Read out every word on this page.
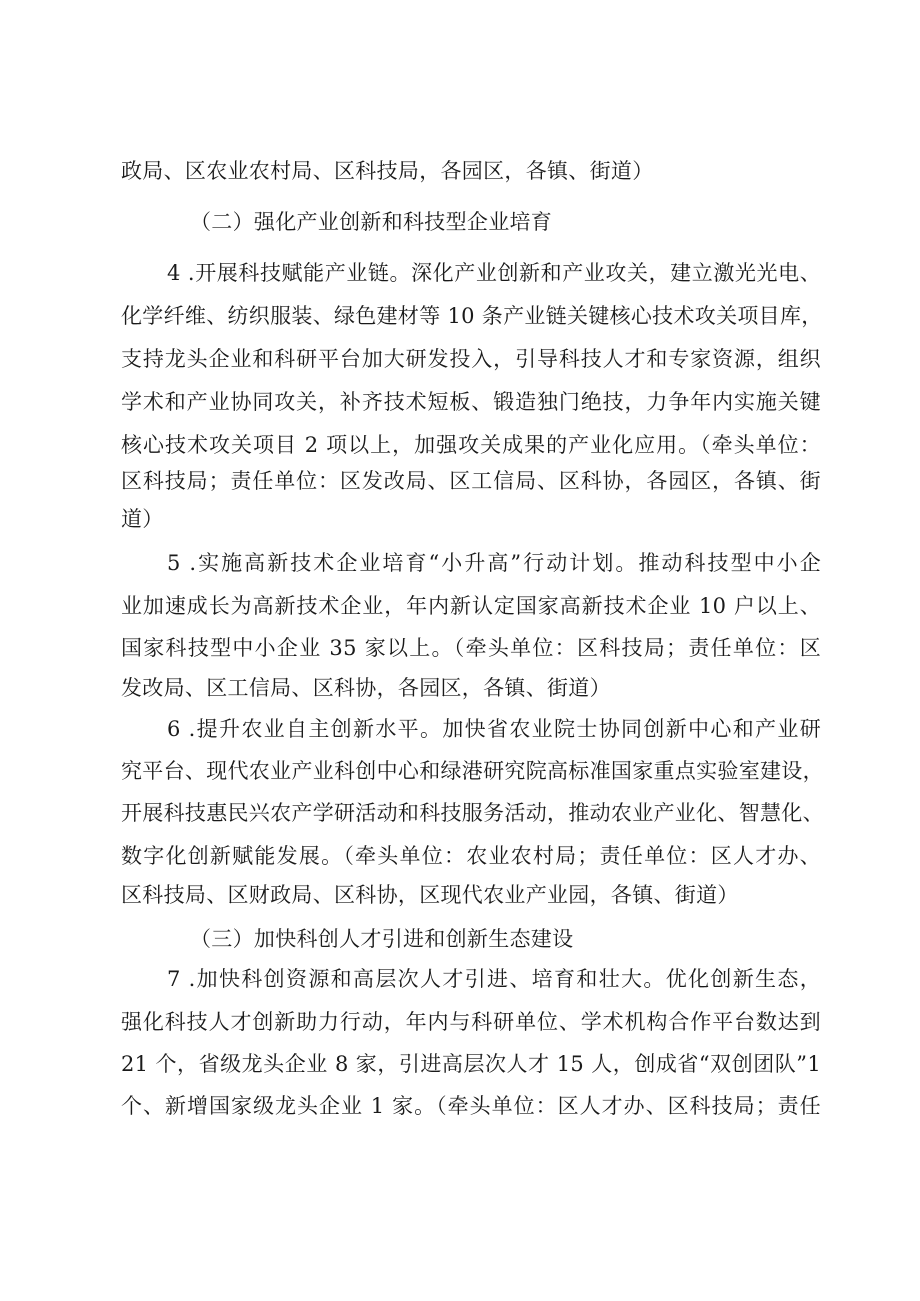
政局、区农业农村局、区科技局，各园区，各镇、街道）
（二）强化产业创新和科技型企业培育
4 .开展科技赋能产业链。深化产业创新和产业攻关，建立激光光电、
化学纤维、纺织服装、绿色建材等 10 条产业链关键核心技术攻关项目库，
支持龙头企业和科研平台加大研发投入，引导科技人才和专家资源，组织
学术和产业协同攻关，补齐技术短板、锻造独门绝技，力争年内实施关键
核心技术攻关项目 2 项以上，加强攻关成果的产业化应用。（牵头单位：
区科技局；责任单位：区发改局、区工信局、区科协，各园区，各镇、街
道）
5 .实施高新技术企业培育“小升高”行动计划。推动科技型中小企
业加速成长为高新技术企业，年内新认定国家高新技术企业 10 户以上、
国家科技型中小企业 35 家以上。（牵头单位：区科技局；责任单位：区
发改局、区工信局、区科协，各园区，各镇、街道）
6 .提升农业自主创新水平。加快省农业院士协同创新中心和产业研
究平台、现代农业产业科创中心和绿港研究院高标准国家重点实验室建设，
开展科技惠民兴农产学研活动和科技服务活动，推动农业产业化、智慧化、
数字化创新赋能发展。（牵头单位：农业农村局；责任单位：区人才办、
区科技局、区财政局、区科协，区现代农业产业园，各镇、街道）
（三）加快科创人才引进和创新生态建设
7 .加快科创资源和高层次人才引进、培育和壮大。优化创新生态，
强化科技人才创新助力行动，年内与科研单位、学术机构合作平台数达到
21 个，省级龙头企业 8 家，引进高层次人才 15 人，创成省“双创团队”1
个、新增国家级龙头企业 1 家。（牵头单位：区人才办、区科技局；责任
